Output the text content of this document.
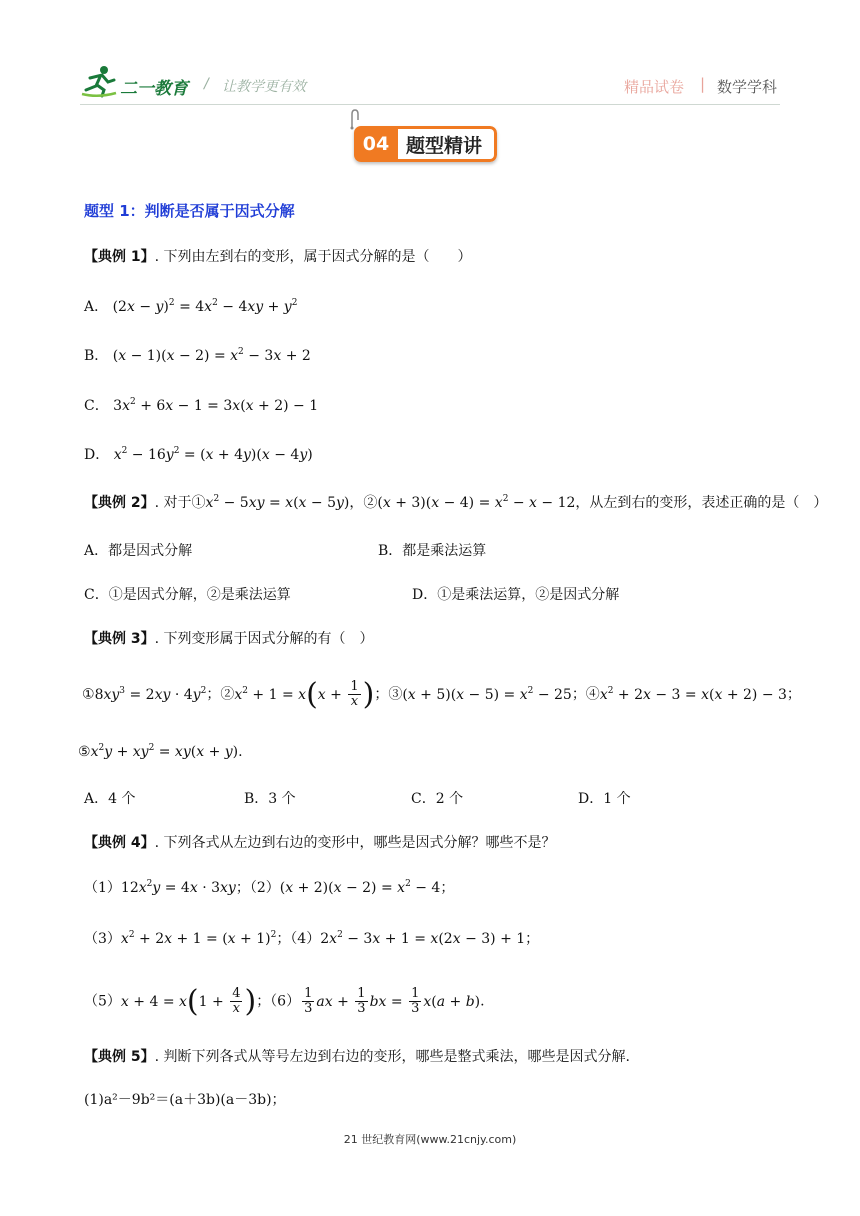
二一教育 / 让教学更有效	精品试卷 | 数学学科
04 题型精讲
题型 1：判断是否属于因式分解
【典例 1】. 下列由左到右的变形，属于因式分解的是（　　）
A． $(2x - y)^2 = 4x^2 - 4xy + y^2$
B． $(x - 1)(x - 2) = x^2 - 3x + 2$
C． $3x^2 + 6x - 1 = 3x(x + 2) - 1$
D． $x^2 - 16y^2 = (x + 4y)(x - 4y)$
【典例 2】. 对于$①x^2 - 5xy = x(x - 5y)$，②(x + $3)(x - 4) = x^2 - x - 12$，从左到右的变形，表述正确的是（　）
A．都是因式分解	B．都是乘法运算
C．①是因式分解，②是乘法运算	D．①是乘法运算，②是因式分解
【典例 3】. 下列变形属于因式分解的有（　）
$①8xy^3 = 2xy \cdot 4y^2$；$②x^2 + 1 = x(x + \frac{1}{x}$ )；③(x + $5)(x - 5) = x^2 - 25$；$④x^2 + 2x - 3 = x(x + 2) - 3$；
$⑤x^2y + xy^2 = xy(x + y)$.
A．4 个	B．3 个	C．2 个	D．1 个
【典例 4】. 下列各式从左边到右边的变形中，哪些是因式分解？哪些不是？
$(1)12x^2y = 4x \cdot 3xy$；$(2)(x + 2)(x - 2) = x^2 - 4$；
$(3)x^2 + 2x + 1 = (x + 1)^2$；$(4)2x^2 - 3x + 1 = x(2x - 3) + 1$；
$(5)x + 4 = x(1 + \frac{4}{x}$ )；$(6) \frac{1}{3}$ ax + $\frac{1}{3}$ bx = $\frac{1}{3} x(a + b)$.
【典例 5】. 判断下列各式从等号左边到右边的变形，哪些是整式乘法，哪些是因式分解.
(1)a²－9b²＝(a＋3b)(a－3b)；
21 世纪教育网(www.21cnjy.com)
